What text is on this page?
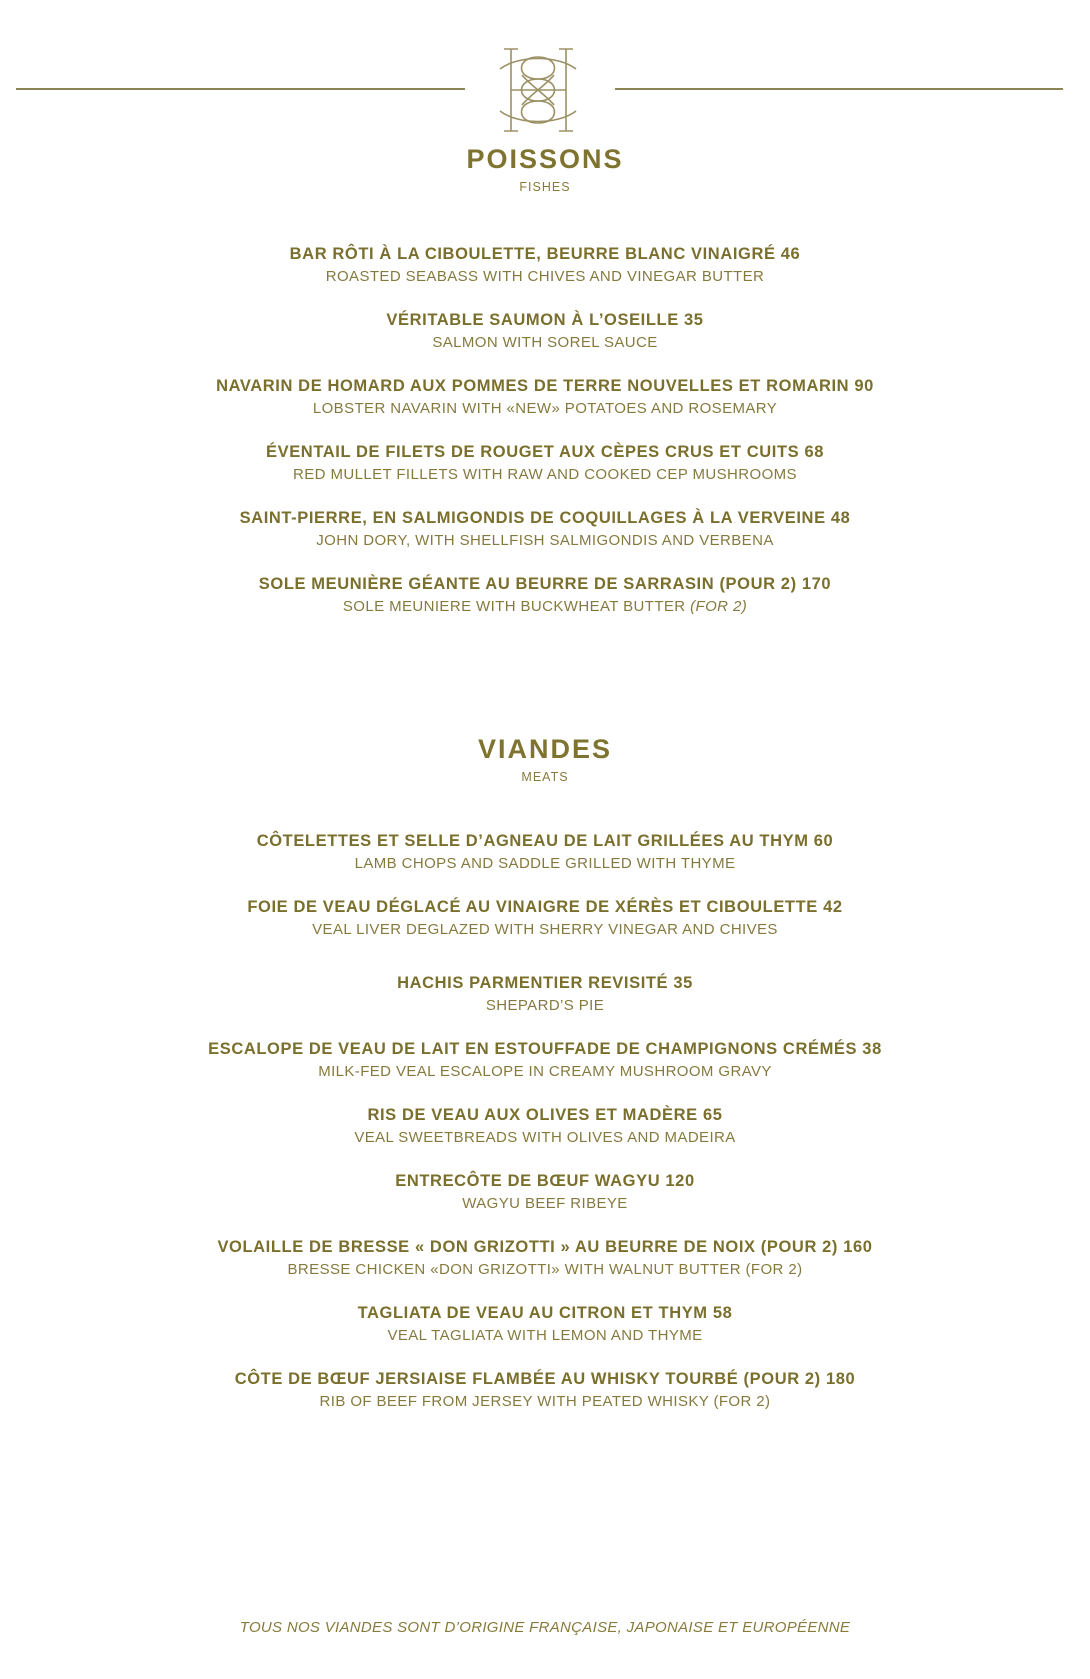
POISSONS
FISHES
BAR RÔTI À LA CIBOULETTE, BEURRE BLANC VINAIGRÉ 46
ROASTED SEABASS WITH CHIVES AND VINEGAR BUTTER
VÉRITABLE SAUMON À L’OSEILLE 35
SALMON WITH SOREL SAUCE
NAVARIN DE HOMARD AUX POMMES DE TERRE NOUVELLES ET ROMARIN 90
LOBSTER NAVARIN WITH «NEW» POTATOES AND ROSEMARY
ÉVENTAIL DE FILETS DE ROUGET AUX CÈPES CRUS ET CUITS 68
RED MULLET FILLETS WITH RAW AND COOKED CEP MUSHROOMS
SAINT-PIERRE, EN SALMIGONDIS DE COQUILLAGES À LA VERVEINE 48
JOHN DORY, WITH SHELLFISH SALMIGONDIS AND VERBENA
SOLE MEUNIÈRE GÉANTE AU BEURRE DE SARRASIN (POUR 2) 170
SOLE MEUNIERE WITH BUCKWHEAT BUTTER (FOR 2)
VIANDES
MEATS
CÔTELETTES ET SELLE D’AGNEAU DE LAIT GRILLÉES AU THYM 60
LAMB CHOPS AND SADDLE GRILLED WITH THYME
FOIE DE VEAU DÉGLACÉ AU VINAIGRE DE XÉRÈS ET CIBOULETTE 42
VEAL LIVER DEGLAZED WITH SHERRY VINEGAR AND CHIVES
HACHIS PARMENTIER REVISITÉ 35
SHEPARD’S PIE
ESCALOPE DE VEAU DE LAIT EN ESTOUFFADE DE CHAMPIGNONS CRÉMÉS 38
MILK-FED VEAL ESCALOPE IN CREAMY MUSHROOM GRAVY
RIS DE VEAU AUX OLIVES ET MADÈRE 65
VEAL SWEETBREADS WITH OLIVES AND MADEIRA
ENTRECÔTE DE BŒUF WAGYU 120
WAGYU BEEF RIBEYE
VOLAILLE DE BRESSE « DON GRIZOTTI » AU BEURRE DE NOIX (POUR 2) 160
BRESSE CHICKEN «DON GRIZOTTI» WITH WALNUT BUTTER (FOR 2)
TAGLIATA DE VEAU AU CITRON ET THYM 58
VEAL TAGLIATA WITH LEMON AND THYME
CÔTE DE BŒUF JERSIAISE FLAMBÉE AU WHISKY TOURBÉ (POUR 2) 180
RIB OF BEEF FROM JERSEY WITH PEATED WHISKY (FOR 2)
TOUS NOS VIANDES SONT D’ORIGINE FRANÇAISE, JAPONAISE ET EUROPÉENNE
